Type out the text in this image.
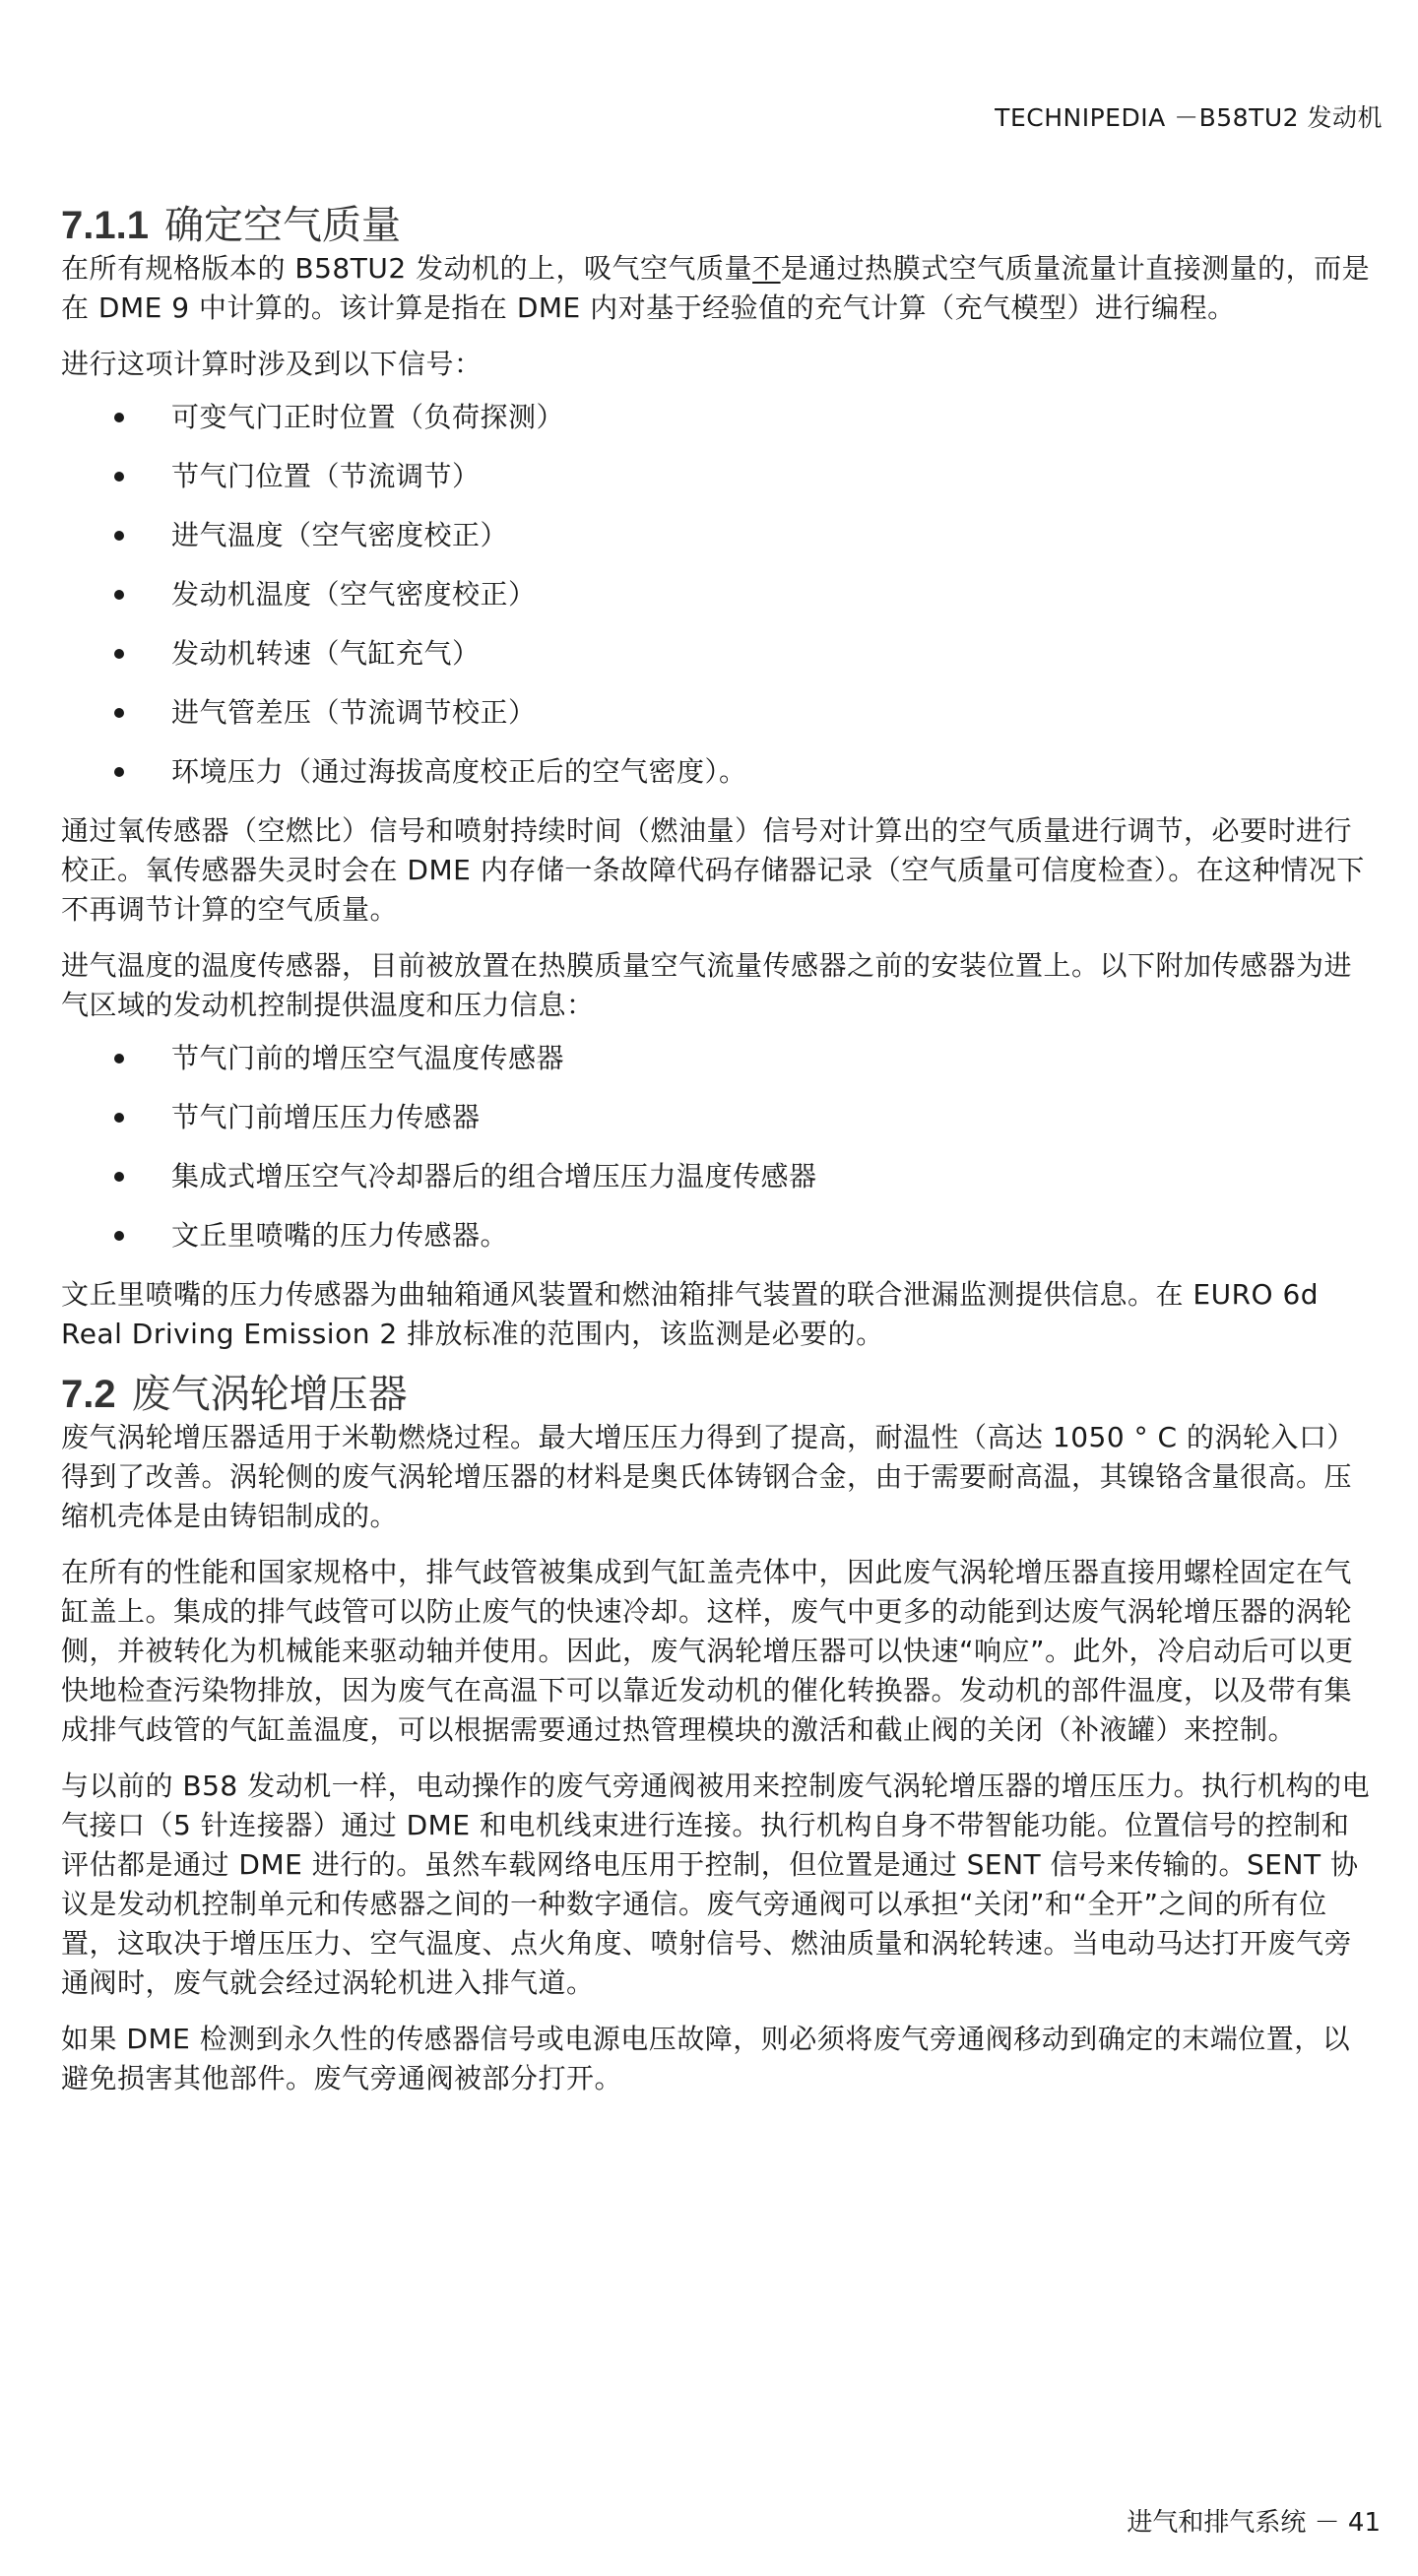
TECHNIPEDIA －B58TU2 发动机
7.1.1 确定空气质量

在所有规格版本的 B58TU2 发动机的上，吸气空气质量不是通过热膜式空气质量流量计直接测量的，而是在 DME 9 中计算的。该计算是指在 DME 内对基于经验值的充气计算（充气模型）进行编程。

进行这项计算时涉及到以下信号：

可变气门正时位置（负荷探测）
节气门位置（节流调节）
进气温度（空气密度校正）
发动机温度（空气密度校正）
发动机转速（气缸充气）
进气管差压（节流调节校正）
环境压力（通过海拔高度校正后的空气密度）。

通过氧传感器（空燃比）信号和喷射持续时间（燃油量）信号对计算出的空气质量进行调节，必要时进行校正。氧传感器失灵时会在 DME 内存储一条故障代码存储器记录（空气质量可信度检查）。在这种情况下不再调节计算的空气质量。

进气温度的温度传感器，目前被放置在热膜质量空气流量传感器之前的安装位置上。以下附加传感器为进气区域的发动机控制提供温度和压力信息：

节气门前的增压空气温度传感器
节气门前增压压力传感器
集成式增压空气冷却器后的组合增压压力温度传感器
文丘里喷嘴的压力传感器。

文丘里喷嘴的压力传感器为曲轴箱通风装置和燃油箱排气装置的联合泄漏监测提供信息。在 EURO 6d Real Driving Emission 2 排放标准的范围内，该监测是必要的。

7.2 废气涡轮增压器

废气涡轮增压器适用于米勒燃烧过程。最大增压压力得到了提高，耐温性（高达 1050 ° C 的涡轮入口）得到了改善。涡轮侧的废气涡轮增压器的材料是奥氏体铸钢合金，由于需要耐高温，其镍铬含量很高。压缩机壳体是由铸铝制成的。

在所有的性能和国家规格中，排气歧管被集成到气缸盖壳体中，因此废气涡轮增压器直接用螺栓固定在气缸盖上。集成的排气歧管可以防止废气的快速冷却。这样，废气中更多的动能到达废气涡轮增压器的涡轮侧，并被转化为机械能来驱动轴并使用。因此，废气涡轮增压器可以快速“响应”。此外，冷启动后可以更快地检查污染物排放，因为废气在高温下可以靠近发动机的催化转换器。发动机的部件温度，以及带有集成排气歧管的气缸盖温度，可以根据需要通过热管理模块的激活和截止阀的关闭（补液罐）来控制。

与以前的 B58 发动机一样，电动操作的废气旁通阀被用来控制废气涡轮增压器的增压压力。执行机构的电气接口（5 针连接器）通过 DME 和电机线束进行连接。执行机构自身不带智能功能。位置信号的控制和评估都是通过 DME 进行的。虽然车载网络电压用于控制，但位置是通过 SENT 信号来传输的。SENT 协议是发动机控制单元和传感器之间的一种数字通信。废气旁通阀可以承担“关闭”和“全开”之间的所有位置，这取决于增压压力、空气温度、点火角度、喷射信号、燃油质量和涡轮转速。当电动马达打开废气旁通阀时，废气就会经过涡轮机进入排气道。

如果 DME 检测到永久性的传感器信号或电源电压故障，则必须将废气旁通阀移动到确定的末端位置，以避免损害其他部件。废气旁通阀被部分打开。

进气和排气系统 － 41
